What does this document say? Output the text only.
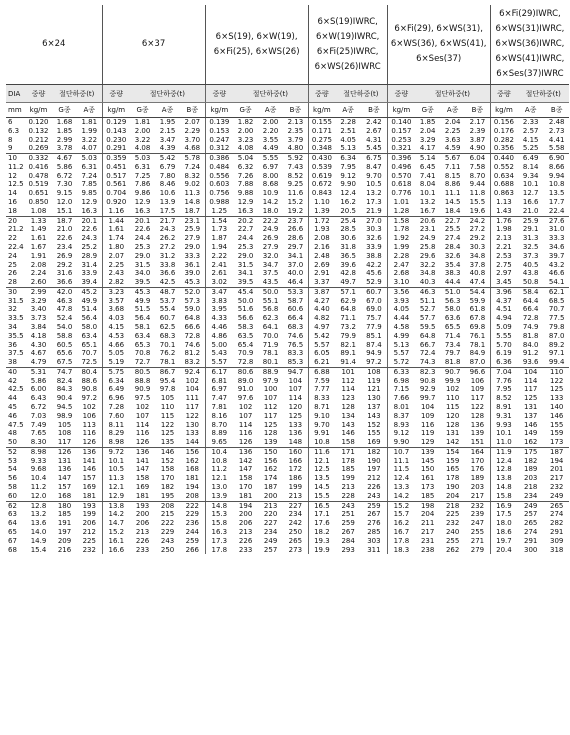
6×24				6×37				6×S(19), 6×W(19), 6×Fi(25), 6×WS(26)				6×S(19)IWRC, 6×W(19)IWRC, 6×Fi(25)IWRC, 6×WS(26)IWRC			6×Fi(29), 6×WS(31), 6×WS(36), 6×WS(41), 6×Ses(37)				6×Fi(29)IWRC, 6×WS(31)IWRC, 6×WS(36)IWRC, 6×WS(41)IWRC, 6×Ses(37)IWRC		
DIA	중량	절단하중(t)		중량	절단하중(t)			중량	절단하중(t)			중량	절단하중(t)		중량	절단하중(t)			중량	절단하중(t)	
mm	kg/m	G종	A종	kg/m	G종	A종	B종	kg/m	G종	A종	B종	kg/m	A종	B종	kg/m	G종	A종	B종	kg/m	A종	B종
6	0.120	1.68	1.81	0.129	1.81	1.95	2.07	0.139	1.82	2.00	2.13	0.155	2.28	2.42	0.140	1.85	2.04	2.17	0.156	2.33	2.48
6.3	0.132	1.85	1.99	0.143	2.00	2.15	2.29	0.153	2.00	2.20	2.35	0.171	2.51	2.67	0.157	2.04	2.25	2.39	0.176	2.57	2.73
8	0.212	2.99	3.22	0.230	3.22	3.47	3.70	0.247	3.23	3.55	3.79	0.275	4.05	4.31	0.253	3.29	3.63	3.87	0.282	4.15	4.41
9	0.269	3.78	4.07	0.291	4.08	4.39	4.68	0.312	4.08	4.49	4.80	0.348	5.13	5.45	0.321	4.17	4.59	4.90	0.356	5.25	5.58
10	0.332	4.67	5.03	0.359	5.03	5.42	5.78	0.386	5.04	5.55	5.92	0.430	6.34	6.75	0.396	5.14	5.67	6.04	0.440	6.49	6.90
11.2	0.416	5.86	6.31	0.451	6.31	6.79	7.24	0.484	6.32	6.97	7.43	0.539	7.95	8.47	0.496	6.45	7.11	7.58	0.552	8.14	8.66
12	0.478	6.72	7.24	0.517	7.25	7.80	8.32	0.556	7.26	8.00	8.52	0.619	9.12	9.70	0.570	7.41	8.15	8.70	0.634	9.34	9.94
12.5	0.519	7.30	7.85	0.561	7.86	8.46	9.02	0.603	7.88	8.68	9.25	0.672	9.90	10.5	0.618	8.04	8.86	9.44	0.688	10.1	10.8
14	0.651	9.15	9.85	0.704	9.86	10.6	11.3	0.756	9.88	10.9	11.6	0.843	12.4	13.2	0.776	10.1	11.1	11.8	0.863	12.7	13.5
16	0.850	12.0	12.9	0.920	12.9	13.9	14.8	0.988	12.9	14.2	15.2	1.10	16.2	17.3	1.01	13.2	14.5	15.5	1.13	16.6	17.7
18	1.08	15.1	16.3	1.16	16.3	17.5	18.7	1.25	16.3	18.0	19.2	1.39	20.5	21.9	1.28	16.7	18.4	19.6	1.43	21.0	22.4
20	1.33	18.7	20.1	1.44	20.1	21.7	23.1	1.54	20.2	22.2	23.7	1.72	25.4	27.0	1.58	20.6	22.7	24.2	1.76	25.9	27.6
21.2	1.49	21.0	22.6	1.61	22.6	24.3	25.9	1.73	22.7	24.9	26.6	1.93	28.5	30.3	1.78	23.1	25.5	27.2	1.98	29.1	31.0
22	1.61	22.6	24.3	1.74	24.4	26.2	27.9	1.87	24.4	26.9	28.6	2.08	30.6	32.6	1.92	24.9	27.4	29.2	2.13	31.3	33.3
22.4	1.67	23.4	25.2	1.80	25.3	27.2	29.0	1.94	25.3	27.9	29.7	2.16	31.8	33.9	1.99	25.8	28.4	30.3	2.21	32.5	34.6
24	1.91	26.9	28.9	2.07	29.0	31.2	33.3	2.22	29.0	32.0	34.1	2.48	36.5	38.8	2.28	29.6	32.6	34.8	2.53	37.3	39.7
25	2.08	29.2	31.4	2.25	31.5	33.8	36.1	2.41	31.5	34.7	37.0	2.69	39.6	42.2	2.47	32.2	35.4	37.8	2.75	40.5	43.2
26	2.24	31.6	33.9	2.43	34.0	36.6	39.0	2.61	34.1	37.5	40.0	2.91	42.8	45.6	2.68	34.8	38.3	40.8	2.97	43.8	46.6
28	2.60	36.6	39.4	2.82	39.5	42.5	45.3	3.02	39.5	43.5	46.4	3.37	49.7	52.9	3.10	40.3	44.4	47.4	3.45	50.8	54.1
30	2.99	42.0	45.2	3.23	45.3	48.7	52.0	3.47	45.4	50.0	53.3	3.87	57.1	60.7	3.56	46.3	51.0	54.4	3.96	58.4	62.1
31.5	3.29	46.3	49.9	3.57	49.9	53.7	57.3	3.83	50.0	55.1	58.7	4.27	62.9	67.0	3.93	51.1	56.3	59.9	4.37	64.4	68.5
32	3.40	47.8	51.4	3.68	51.5	55.4	59.0	3.95	51.6	56.8	60.6	4.40	64.8	69.0	4.05	52.7	58.0	61.8	4.51	66.4	70.7
33.5	3.73	52.4	56.4	4.03	56.4	60.7	64.8	4.33	56.6	62.3	66.4	4.82	71.1	75.7	4.44	57.7	63.6	67.8	4.94	72.8	77.5
34	3.84	54.0	58.0	4.15	58.1	62.5	66.6	4.46	58.3	64.1	68.3	4.97	73.2	77.9	4.58	59.5	65.5	69.8	5.09	74.9	79.8
35.5	4.18	58.8	63.4	4.53	63.4	68.3	72.8	4.86	63.5	70.0	74.6	5.42	79.9	85.1	4.99	64.8	71.4	76.1	5.55	81.8	87.0
36	4.30	60.5	65.1	4.66	65.3	70.1	74.6	5.00	65.4	71.9	76.5	5.57	82.1	87.4	5.13	66.7	73.4	78.1	5.70	84.0	89.2
37.5	4.67	65.6	70.7	5.05	70.8	76.2	81.2	5.43	70.9	78.1	83.3	6.05	89.1	94.9	5.57	72.4	79.7	84.9	6.19	91.2	97.1
38	4.79	67.5	72.5	5.19	72.7	78.1	83.2	5.57	72.8	80.1	85.3	6.21	91.4	97.2	5.72	74.3	81.8	87.0	6.36	93.6	99.4
40	5.31	74.7	80.4	5.75	80.5	86.7	92.4	6.17	80.6	88.9	94.7	6.88	101	108	6.33	82.3	90.7	96.6	7.04	104	110
42	5.86	82.4	88.6	6.34	88.8	95.4	102	6.81	89.0	97.9	104	7.59	112	119	6.98	90.8	99.9	106	7.76	114	122
42.5	6.00	84.3	90.8	6.49	90.9	97.8	104	6.97	91.0	100	107	7.77	114	121	7.15	92.9	102	109	7.95	117	125
44	6.43	90.4	97.2	6.96	97.5	105	111	7.47	97.6	107	114	8.33	123	130	7.66	99.7	110	117	8.52	125	133
45	6.72	94.5	102	7.28	102	110	117	7.81	102	112	120	8.71	128	137	8.01	104	115	122	8.91	131	140
46	7.03	98.9	106	7.60	107	115	122	8.16	107	117	125	9.10	134	143	8.37	109	120	128	9.31	137	146
47.5	7.49	105	113	8.11	114	122	130	8.70	114	125	133	9.70	143	152	8.93	116	128	136	9.93	146	155
48	7.65	108	116	8.29	116	125	133	8.89	116	128	136	9.91	146	155	9.12	119	131	139	10.1	149	159
50	8.30	117	126	8.98	126	135	144	9.65	126	139	148	10.8	158	169	9.90	129	142	151	11.0	162	173
52	8.98	126	136	9.72	136	146	156	10.4	136	150	160	11.6	171	182	10.7	139	154	164	11.9	175	187
53	9.33	131	141	10.1	141	152	162	10.8	142	156	166	12.1	178	190	11.1	145	159	170	12.4	182	194
54	9.68	136	146	10.5	147	158	168	11.2	147	162	172	12.5	185	197	11.5	150	165	176	12.8	189	201
56	10.4	147	157	11.3	158	170	181	12.1	158	174	186	13.5	199	212	12.4	161	178	189	13.8	203	217
58	11.2	157	169	12.1	169	182	194	13.0	170	187	199	14.5	213	226	13.3	173	190	203	14.8	218	232
60	12.0	168	181	12.9	181	195	208	13.9	181	200	213	15.5	228	243	14.2	185	204	217	15.8	234	249
62	12.8	180	193	13.8	193	208	222	14.8	194	213	227	16.5	243	259	15.2	198	218	232	16.9	249	265
63	13.2	185	199	14.2	200	215	229	15.3	200	220	234	17.1	251	267	15.7	204	225	239	17.5	257	274
64	13.6	191	206	14.7	206	222	236	15.8	206	227	242	17.6	259	276	16.2	211	232	247	18.0	265	282
65	14.0	197	212	15.2	213	229	244	16.3	213	234	250	18.2	267	285	16.7	217	240	255	18.6	274	291
67	14.9	209	225	16.1	226	243	259	17.3	226	249	265	19.3	284	303	17.8	231	255	271	19.7	291	309
68	15.4	216	232	16.6	233	250	266	17.8	233	257	273	19.9	293	311	18.3	238	262	279	20.4	300	318
